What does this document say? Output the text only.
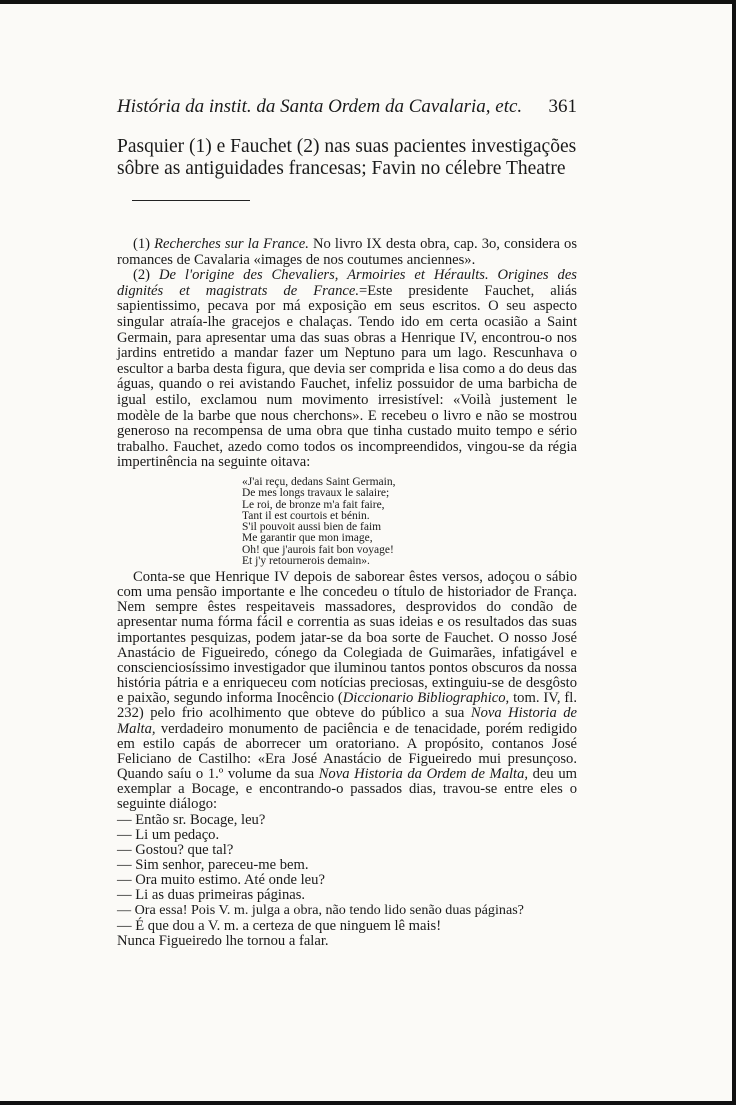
História da instit. da Santa Ordem da Cavalaria, etc. 361
Pasquier (1) e Fauchet (2) nas suas pacientes investigações
sôbre as antiguidades francesas; Favin no célebre Theatre

(1) Recherches sur la France. No livro IX desta obra, cap. 3o, considera os romances de Cavalaria «images de nos coutumes anciennes».

(2) De l'origine des Chevaliers, Armoiries et Héraults. Origines des dignités et magistrats de France.=Este presidente Fauchet, aliás sapientissimo, pecava por má exposição em seus escritos. O seu aspecto singular atraía-lhe gracejos e chalaças. Tendo ido em certa ocasião a Saint Germain, para apresentar uma das suas obras a Henrique IV, encontrou-o nos jardins entretido a mandar fazer um Neptuno para um lago. Rescunhava o escultor a barba desta figura, que devia ser comprida e lisa como a do deus das águas, quando o rei avistando Fauchet, infeliz possuidor de uma barbicha de igual estilo, exclamou num movimento irresistível: «Voilà justement le modèle de la barbe que nous cherchons». E recebeu o livro e não se mostrou generoso na recompensa de uma obra que tinha custado muito tempo e sério trabalho. Fauchet, azedo como todos os incompreendidos, vingou-se da régia impertinência na seguinte oitava:

«J'ai reçu, dedans Saint Germain,
De mes longs travaux le salaire;
Le roi, de bronze m'a fait faire,
Tant il est courtois et bénin.
S'il pouvoit aussi bien de faim
Me garantir que mon image,
Oh! que j'aurois fait bon voyage!
Et j'y retournerois demain».

Conta-se que Henrique IV depois de saborear êstes versos, adoçou o sábio com uma pensão importante e lhe concedeu o título de historiador de França. Nem sempre êstes respeitaveis massadores, desprovidos do condão de apresentar numa fórma fácil e correntia as suas ideias e os resultados das suas importantes pesquizas, podem jatar-se da boa sorte de Fauchet. O nosso José Anastácio de Figueiredo, cónego da Colegiada de Guimarães, infatigável e conscienciosíssimo investigador que iluminou tantos pontos obscuros da nossa história pátria e a enriqueceu com notícias preciosas, extinguiu-se de desgôsto e paixão, segundo informa Inocêncio (Diccionario Bibliographico, tom. IV, fl. 232) pelo frio acolhimento que obteve do público a sua Nova Historia de Malta, verdadeiro monumento de paciência e de tenacidade, porém redigido em estilo capás de aborrecer um oratoriano. A propósito, contanos José Feliciano de Castilho: «Era José Anastácio de Figueiredo mui presunçoso. Quando saíu o 1.º volume da sua Nova Historia da Ordem de Malta, deu um exemplar a Bocage, e encontrando-o passados dias, travou-se entre eles o seguinte diálogo:

— Então sr. Bocage, leu?
— Li um pedaço.
— Gostou? que tal?
— Sim senhor, pareceu-me bem.
— Ora muito estimo. Até onde leu?
— Li as duas primeiras páginas.
— Ora essa! Pois V. m. julga a obra, não tendo lido senão duas páginas?
— É que dou a V. m. a certeza de que ninguem lê mais!
Nunca Figueiredo lhe tornou a falar.
